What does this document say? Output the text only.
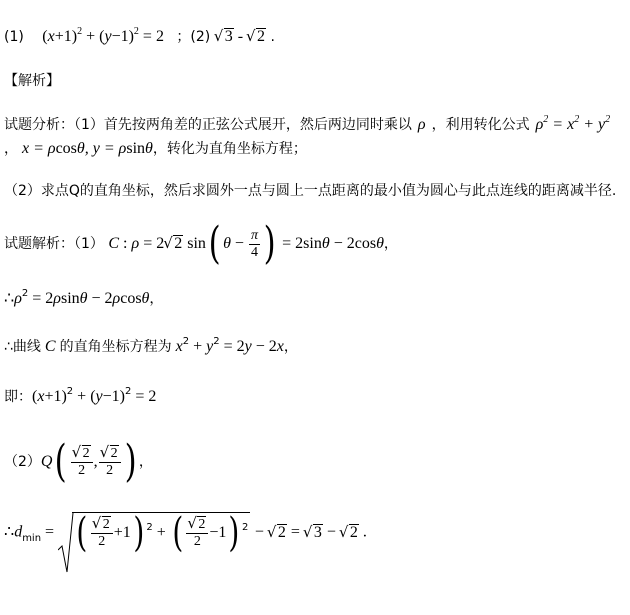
(1) $(x+1)^2 + (y-1)^2 = 2$ ；(2) √ 3 - √ 2 .
【解析】
试题分析：（1）首先按两角差的正弦公式展开，然后两边同时乘以 ρ ，利用转化公式 $\rho^2 = x^2 + y^2$
， x = ρcosθ, y = ρsinθ，转化为直角坐标方程；
（2）求点Q的直角坐标，然后求圆外一点与圆上一点距离的最小值为圆心与此点连线的距离减半径.
试题解析：（1） C : ρ = 2 √ 2 sin( $\theta - \frac{\pi}{4}$ ) = 2sinθ − 2cosθ，
$\therefore\rho^2 = 2\rho\sin\theta - 2\rho\cos\theta$，
∴曲线 C 的直角坐标方程为 $x^2 + y^2 = 2y - 2x$，
即：$(x+1)^2 + (y-1)^2 = 2$
（2）Q( √ $\frac{2}{2}$ , √ $\frac{2}{2}$ ) ，
$\therefore d_{min}$ =
( √ $\frac{2}{2} +1$) $^2$ + ( √ $\frac{2}{2} -1$) $^2$ − √ 2 = √ 3 − √ 2 .
